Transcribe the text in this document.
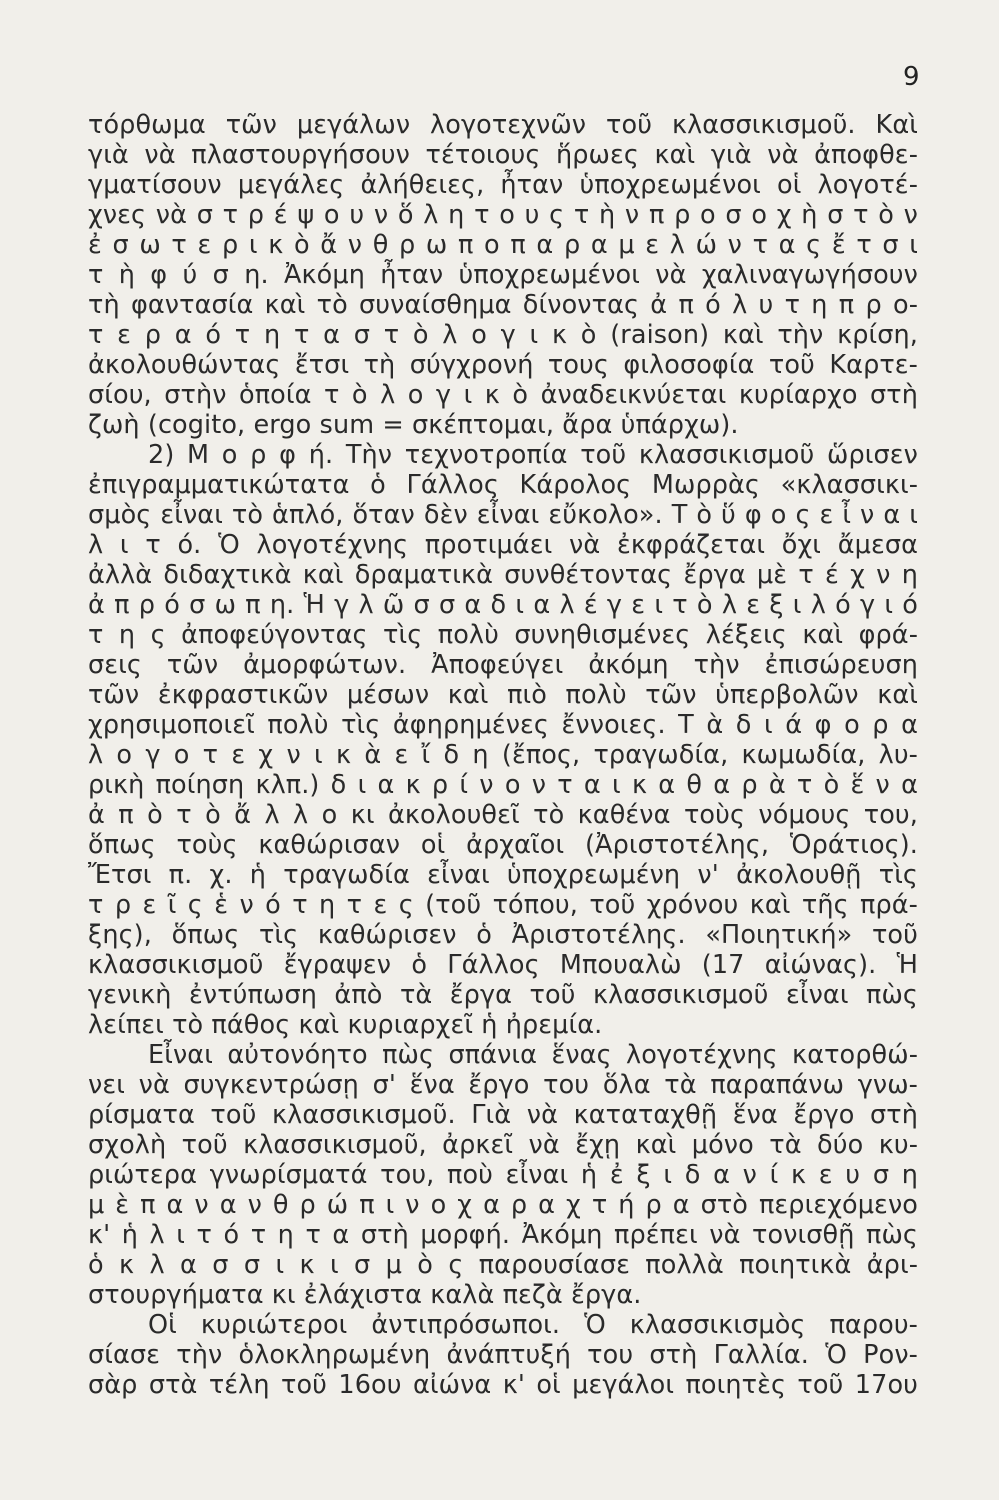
9
τόρθωμα τῶν μεγάλων λογοτεχνῶν τοῦ κλασσικισμοῦ. Καὶ
γιὰ νὰ πλαστουργήσουν τέτοιους ἥρωες καὶ γιὰ νὰ ἀποφθε-
γματίσουν μεγάλες ἀλήθειες, ἦταν ὑποχρεωμένοι οἱ λογοτέ-
χνες νὰ σ τ ρ έ ψ ο υ ν ὅ λ η τ ο υ ς τ ὴ ν π ρ ο σ ο χ ὴ σ τ ὸ ν
ἐ σ ω τ ε ρ ι κ ὸ ἄ ν θ ρ ω π ο π α ρ α μ ε λ ώ ν τ α ς ἔ τ σ ι
τ ὴ φ ύ σ η. Ἀκόμη ἦταν ὑποχρεωμένοι νὰ χαλιναγωγήσουν
τὴ φαντασία καὶ τὸ συναίσθημα δίνοντας ἀ π ό λ υ τ η π ρ ο-
τ ε ρ α ό τ η τ α σ τ ὸ λ ο γ ι κ ὸ (raison) καὶ τὴν κρίση,
ἀκολουθώντας ἔτσι τὴ σύγχρονή τους φιλοσοφία τοῦ Καρτε-
σίου, στὴν ὁποία τ ὸ λ ο γ ι κ ὸ ἀναδεικνύεται κυρίαρχο στὴ
ζωὴ (cogito, ergo sum = σκέπτομαι, ἄρα ὑπάρχω).
2) Μ ο ρ φ ή. Τὴν τεχνοτροπία τοῦ κλασσικισμοῦ ὥρισεν
ἐπιγραμματικώτατα ὁ Γάλλος Κάρολος Μωρρὰς «κλασσικι-
σμὸς εἶναι τὸ ἁπλό, ὅταν δὲν εἶναι εὔκολο». Τ ὸ ὕ φ ο ς ε ἶ ν α ι
λ ι τ ό. Ὁ λογοτέχνης προτιμάει νὰ ἐκφράζεται ὄχι ἄμεσα
ἀλλὰ διδαχτικὰ καὶ δραματικὰ συνθέτοντας ἔργα μὲ τ έ χ ν η
ἀ π ρ ό σ ω π η. Ἡ γ λ ῶ σ σ α δ ι α λ έ γ ε ι τ ὸ λ ε ξ ι λ ό γ ι ό
τ η ς ἀποφεύγοντας τὶς πολὺ συνηθισμένες λέξεις καὶ φρά-
σεις τῶν ἀμορφώτων. Ἀποφεύγει ἀκόμη τὴν ἐπισώρευση
τῶν ἐκφραστικῶν μέσων καὶ πιὸ πολὺ τῶν ὑπερβολῶν καὶ
χρησιμοποιεῖ πολὺ τὶς ἀφηρημένες ἔννοιες. Τ ὰ δ ι ά φ ο ρ α
λ ο γ ο τ ε χ ν ι κ ὰ ε ἴ δ η (ἔπος, τραγωδία, κωμωδία, λυ-
ρικὴ ποίηση κλπ.) δ ι α κ ρ ί ν ο ν τ α ι κ α θ α ρ ὰ τ ὸ ἕ ν α
ἀ π ὸ τ ὸ ἄ λ λ ο κι ἀκολουθεῖ τὸ καθένα τοὺς νόμους του,
ὅπως τοὺς καθώρισαν οἱ ἀρχαῖοι (Ἀριστοτέλης, Ὁράτιος).
Ἔτσι π. χ. ἡ τραγωδία εἶναι ὑποχρεωμένη ν' ἀκολουθῇ τὶς
τ ρ ε ῖ ς ἑ ν ό τ η τ ε ς (τοῦ τόπου, τοῦ χρόνου καὶ τῆς πρά-
ξης), ὅπως τὶς καθώρισεν ὁ Ἀριστοτέλης. «Ποιητική» τοῦ
κλασσικισμοῦ ἔγραψεν ὁ Γάλλος Μπουαλὼ (17 αἰώνας). Ἡ
γενικὴ ἐντύπωση ἀπὸ τὰ ἔργα τοῦ κλασσικισμοῦ εἶναι πὼς
λείπει τὸ πάθος καὶ κυριαρχεῖ ἡ ἠρεμία.
Εἶναι αὐτονόητο πὼς σπάνια ἕνας λογοτέχνης κατορθώ-
νει νὰ συγκεντρώσῃ σ' ἕνα ἔργο του ὅλα τὰ παραπάνω γνω-
ρίσματα τοῦ κλασσικισμοῦ. Γιὰ νὰ καταταχθῇ ἕνα ἔργο στὴ
σχολὴ τοῦ κλασσικισμοῦ, ἀρκεῖ νὰ ἔχῃ καὶ μόνο τὰ δύο κυ-
ριώτερα γνωρίσματά του, ποὺ εἶναι ἡ ἐ ξ ι δ α ν ί κ ε υ σ η
μ ὲ π α ν α ν θ ρ ώ π ι ν ο χ α ρ α χ τ ή ρ α στὸ περιεχόμενο
κ' ἡ λ ι τ ό τ η τ α στὴ μορφή. Ἀκόμη πρέπει νὰ τονισθῇ πὼς
ὁ κ λ α σ σ ι κ ι σ μ ὸ ς παρουσίασε πολλὰ ποιητικὰ ἀρι-
στουργήματα κι ἐλάχιστα καλὰ πεζὰ ἔργα.
Οἱ κυριώτεροι ἀντιπρόσωποι. Ὁ κλασσικισμὸς παρου-
σίασε τὴν ὁλοκληρωμένη ἀνάπτυξή του στὴ Γαλλία. Ὁ Ρον-
σὰρ στὰ τέλη τοῦ 16ου αἰώνα κ' οἱ μεγάλοι ποιητὲς τοῦ 17ου
